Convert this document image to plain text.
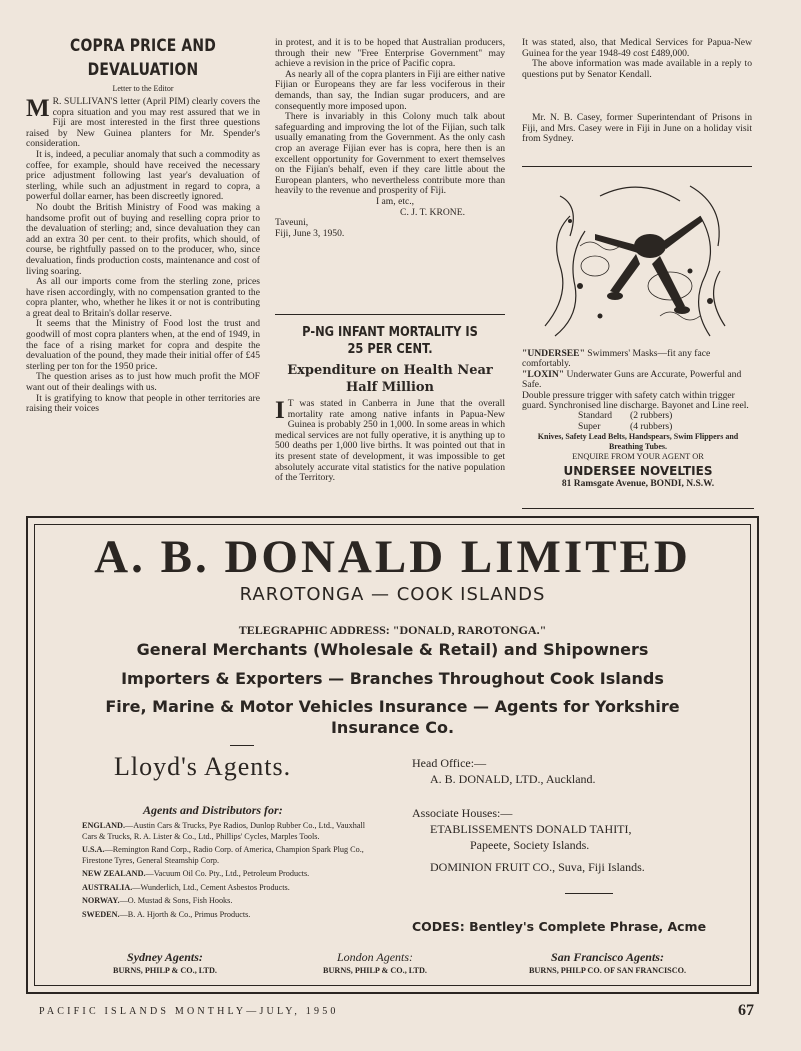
COPRA PRICE AND
DEVALUATION
Letter to the Editor

M R. SULLIVAN'S letter (April PIM) clearly covers the copra situation and you may rest assured that we in Fiji are most interested in the first three questions raised by New Guinea planters for Mr. Spender's consideration.

It is, indeed, a peculiar anomaly that such a commodity as coffee, for example, should have received the necessary price adjustment following last year's devaluation of sterling, while such an adjustment in regard to copra, a powerful dollar earner, has been discreetly ignored.

No doubt the British Ministry of Food was making a handsome profit out of buying and reselling copra prior to the devaluation of sterling; and, since devaluation they can add an extra 30 per cent. to their profits, which should, of course, be rightfully passed on to the producer, who, since devaluation, finds production costs, maintenance and cost of living soaring.

As all our imports come from the sterling zone, prices have risen accordingly, with no compensation granted to the copra planter, who, whether he likes it or not is contributing a great deal to Britain's dollar reserve.

It seems that the Ministry of Food lost the trust and goodwill of most copra planters when, at the end of 1949, in the face of a rising market for copra and despite the devaluation of the pound, they made their initial offer of £45 sterling per ton for the 1950 price.

The question arises as to just how much profit the MOF want out of their dealings with us.

It is gratifying to know that people in other territories are raising their voices

in protest, and it is to be hoped that Australian producers, through their new "Free Enterprise Government" may achieve a revision in the price of Pacific copra.

As nearly all of the copra planters in Fiji are either native Fijian or Europeans they are far less vociferous in their demands, than say, the Indian sugar producers, and are consequently more imposed upon.

There is invariably in this Colony much talk about safeguarding and improving the lot of the Fijian, such talk usually emanating from the Government. As the only cash crop an average Fijian ever has is copra, here then is an excellent opportunity for Government to exert themselves on the Fijian's behalf, even if they care little about the European planters, who nevertheless contribute more than heavily to the revenue and prosperity of Fiji.

I am, etc.,

C. J. T. KRONE.

Taveuni,

Fiji, June 3, 1950.

P-NG INFANT MORTALITY IS
25 PER CENT.
Expenditure on Health Near
Half Million

I T was stated in Canberra in June that the overall mortality rate among native infants in Papua-New Guinea is probably 250 in 1,000. In some areas in which medical services are not fully operative, it is anything up to 500 deaths per 1,000 live births. It was pointed out that in its present state of development, it was impossible to get absolutely accurate vital statistics for the native population of the Territory.

It was stated, also, that Medical Services for Papua-New Guinea for the year 1948-49 cost £489,000.

The above information was made available in a reply to questions put by Senator Kendall.

Mr. N. B. Casey, former Superintendant of Prisons in Fiji, and Mrs. Casey were in Fiji in June on a holiday visit from Sydney.

"UNDERSEE" Swimmers' Masks—fit any face comfortably.
"LOXIN" Underwater Guns are Accurate, Powerful and Safe.
Double pressure trigger with safety catch within trigger guard. Synchronised line discharge. Bayonet and Line reel.
Standard	(2 rubbers)
Super	(4 rubbers)
Knives, Safety Lead Belts, Handspears, Swim Flippers and Breathing Tubes.
ENQUIRE FROM YOUR AGENT OR
UNDERSEE NOVELTIES
81 Ramsgate Avenue, BONDI, N.S.W.
A. B. DONALD LIMITED
RAROTONGA — COOK ISLANDS
TELEGRAPHIC ADDRESS: "DONALD, RAROTONGA."
General Merchants (Wholesale & Retail) and Shipowners
Importers & Exporters — Branches Throughout Cook Islands
Fire, Marine & Motor Vehicles Insurance — Agents for Yorkshire
Insurance Co.
Lloyd's Agents.	Head Office:—
A. B. DONALD, LTD., Auckland.
Agents and Distributors for:
ENGLAND.—Austin Cars & Trucks, Pye Radios, Dunlop Rubber Co., Ltd., Vauxhall Cars & Trucks, R. A. Lister & Co., Ltd., Phillips' Cycles, Marples Tools.
U.S.A.—Remington Rand Corp., Radio Corp. of America, Champion Spark Plug Co., Firestone Tyres, General Steamship Corp.
NEW ZEALAND.—Vacuum Oil Co. Pty., Ltd., Petroleum Products.
AUSTRALIA.—Wunderlich, Ltd., Cement Asbestos Products.
NORWAY.—O. Mustad & Sons, Fish Hooks.
SWEDEN.—B. A. Hjorth & Co., Primus Products.
Associate Houses:—
ETABLISSEMENTS DONALD TAHITI,
Papeete, Society Islands.
DOMINION FRUIT CO., Suva, Fiji Islands.
CODES: Bentley's Complete Phrase, Acme
Sydney Agents:
BURNS, PHILP & CO., LTD.
London Agents:
BURNS, PHILP & CO., LTD.
San Francisco Agents:
BURNS, PHILP CO. OF SAN FRANCISCO.
PACIFIC ISLANDS MONTHLY—JULY, 1950	67
